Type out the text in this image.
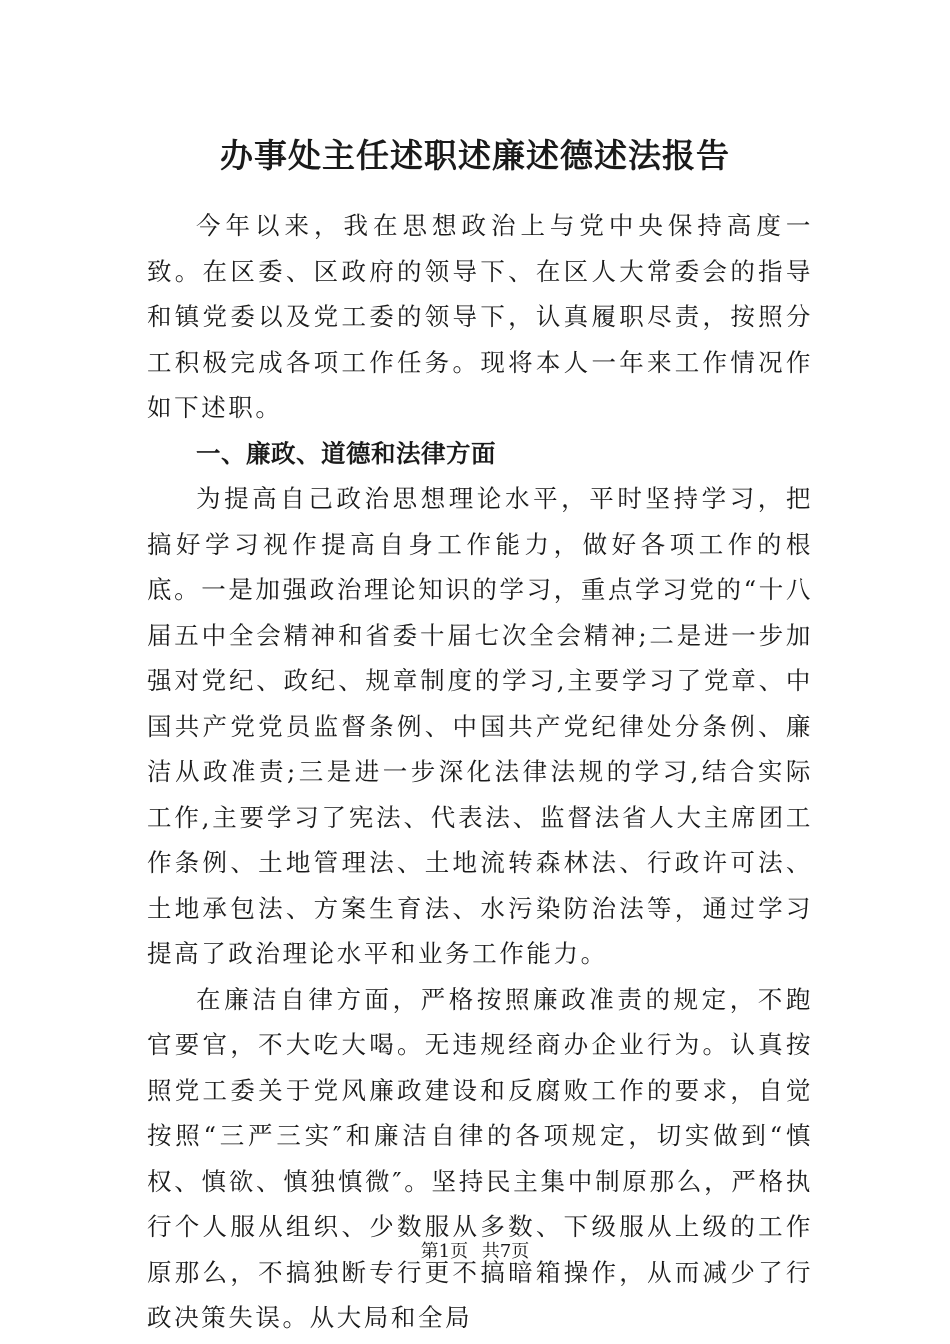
办事处主任述职述廉述德述法报告

今年以来，我在思想政治上与党中央保持高度一致。在区委、区政府的领导下、在区人大常委会的指导和镇党委以及党工委的领导下，认真履职尽责，按照分工积极完成各项工作任务。现将本人一年来工作情况作如下述职。

一、廉政、道德和法律方面

为提高自己政治思想理论水平，平时坚持学习，把搞好学习视作提高自身工作能力，做好各项工作的根底。一是加强政治理论知识的学习，重点学习党的“十八届五中全会精神和省委十届七次全会精神;二是进一步加强对党纪、政纪、规章制度的学习,主要学习了党章、中国共产党党员监督条例、中国共产党纪律处分条例、廉洁从政准责;三是进一步深化法律法规的学习,结合实际工作,主要学习了宪法、代表法、监督法省人大主席团工作条例、土地管理法、土地流转森林法、行政许可法、土地承包法、方案生育法、水污染防治法等，通过学习提高了政治理论水平和业务工作能力。

在廉洁自律方面，严格按照廉政准责的规定，不跑官要官，不大吃大喝。无违规经商办企业行为。认真按照党工委关于党风廉政建设和反腐败工作的要求，自觉按照“三严三实″和廉洁自律的各项规定，切实做到“慎权、慎欲、慎独慎微″。坚持民主集中制原那么，严格执行个人服从组织、少数服从多数、下级服从上级的工作原那么，不搞独断专行更不搞暗箱操作，从而减少了行政决策失误。从大局和全局

第1页 共7页
